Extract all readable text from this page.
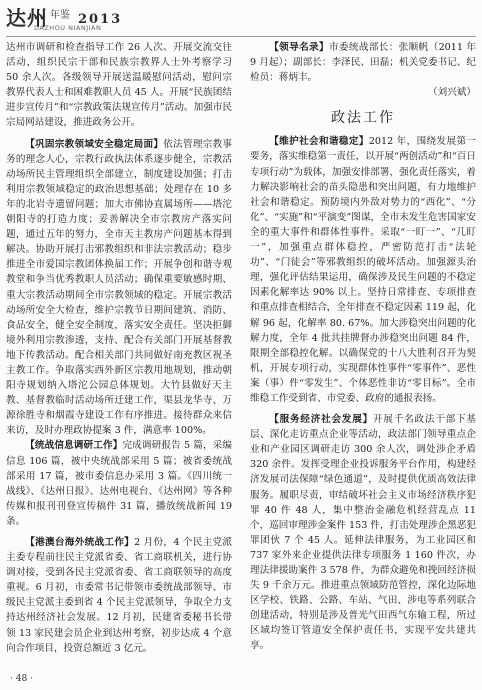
达州 年鉴 2013
DAZHOU NIANJIAN

达州市调研和检查指导工作 26 人次。开展交流交往活动，组织民宗干部和民族宗教界人士外考察学习 50 余人次。各级领导开展送温暖慰问活动，慰问宗教界代表人士和困难教职人员 45 人。开展“民族团结进步宣传月”和“宗教政策法规宣传月”活动。加强市民宗局网站建设，推进政务公开。

【巩固宗教领域安全稳定局面】依法管理宗教事务的理念人心，宗教行政执法体系逐步健全，宗教活动场所民主管理组织全部建立，制度建设加强；打击利用宗教领域稳定的政治思想基础；处理存在 10 多年的北岩寺遗留问题；加大市佛协直属场所——塔沱朝阳寺的打造力度；妥善解决全市宗教房产落实问题，通过五年的努力，全市天主教房产问题基本得到解决。协助开展打击邪教组织和非法宗教活动；稳步推进全市爱国宗教团体换届工作；开展争创和谐寺观教堂和争当优秀教职人员活动；确保重要敏感时期、重大宗教活动期间全市宗教领域的稳定。开展宗教活动场所安全大检查，维护宗教节日期间建筑、消防、食品安全，健全安全制度，落实安全责任。坚决拒御境外利用宗教渗透，支持、配合有关部门开展基督教地下传教活动。配合相关部门共同做好南充教区祝圣主教工作。争取落实西外新区宗教用地规划，推动朝阳寺规划纳入塔沱公园总体规划。大竹县做好天主教、基督教临时活动场所迁建工作，渠县龙华寺、万源徐胜寺和烟霞寺建设工作有序推进。接待群众来信来访，及时办理政协提案 3 件，满意率 100%。

【统战信息调研工作】完成调研报告 5 篇，采编信息 106 篇，被中央统战部采用 5 篇；被省委统战部采用 17 篇，被市委信息办采用 3 篇。《四川统一战线》、《达州日报》、达州电视台、《达州网》等各种传媒和报刊刊登宣传稿件 31 篇，播放统战新闻 19 条。

【港澳台海外统战工作】2 月份，4 个民主党派主委专程前往民主党派省委、省工商联机关，进行协调对接，受到各民主党派省委、省工商联领导的高度重视。6 月初，市委常书记带领市委统战部领导、市级民主党派主委到省 4 个民主党派领导，争取全力支持达州经济社会发展。12 月初，民建省委秘书长带领 13 家民建会员企业到达州考察，初步达成 4 个意向合作项目，投资总额近 3 亿元。

【领导名录】市委统战部长：张顺帆（2011 年 9 月起）；副部长：李泽民、田磊；机关党委书记、纪检员：蒋炳丰。

（刘兴斌）

政法工作

【维护社会和谐稳定】2012 年，围绕发展第一要务，落实维稳第一责任，以开展“两创活动”和“百日专项行动”为载体，加强安排部署，强化责任落实，着力解决影响社会的苗头隐患和突出问题，有力地维护社会和谐稳定。预防境内外敌对势力的“西化”、“分化”、“实施”和“平演变”图谋，全市未发生危害国家安全的重大事件和群体性事件。采取“一盯一”、“几盯一”，加强重点群体稳控，严密防范打击“法轮功”、“门徒会”等邪教组织的破坏活动。加强源头治理，强化评估结果运用，确保涉及民生问题的不稳定因素化解率达 90% 以上。坚持日常排查、专项排查和重点排查相结合，全年排查不稳定因素 119 起，化解 96 起，化解率 80. 67%。加大涉稳突出问题的化解力度，全年 4 批共挂牌督办涉稳突出问题 84 件，限期全部稳控化解。以确保党的十八大胜利召开为契机，开展专项行动，实现群体性事件“零事件”、恶性案（事）件“零发生”、个体恶性非访“零目标”。全市维稳工作受到省、市党委、政府的通报表扬。

【服务经济社会发展】开展千名政法干部下基层、深化走访重点企业等活动，政法部门领导重点企业和产业园区调研走访 300 余人次，调处涉企矛盾 320 余件。发挥受理企业投诉服务平台作用，构建经济发展司法保障“绿色通道”，及时提供优质高效法律服务。履职尽责，审结破坏社会主义市场经济秩序犯罪 40 件 48 人，集中整治金融危机经营乱点 11 个，巡回审理涉金案件 153 件，打击处理涉企黑恶犯罪团伙 7 个 45 人。延伸法律服务，为工业园区和 737 家外来企业提供法律专项服务 1 160 件次，办理法律援助案件 3 578 件，为群众避免和挽回经济损失 9 千余万元。推进重点领域防范管控，深化边际地区学校、铁路、公路、车站、气田、涉电等系列联合创建活动，特别是涉及普光气田西气东输工程，所过区域均签订管道安全保护责任书，实现平安共建共享。

· 48 ·
